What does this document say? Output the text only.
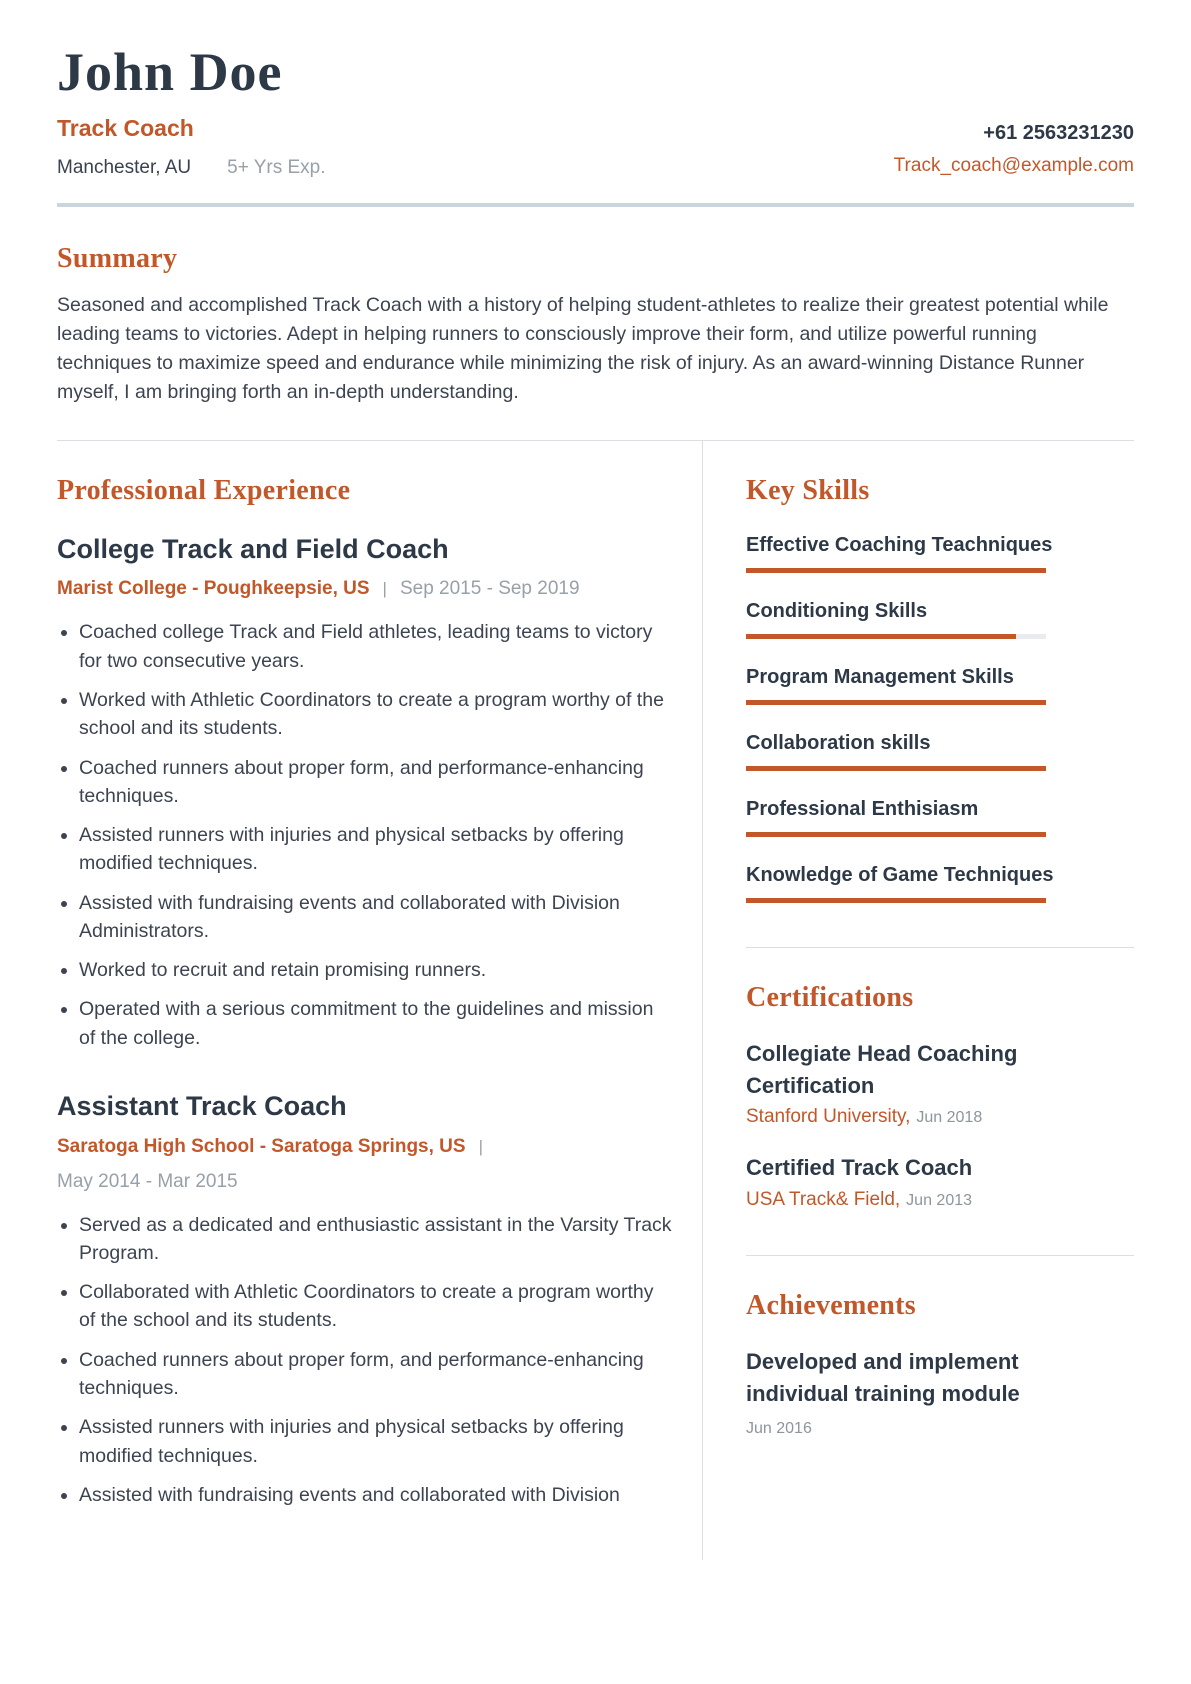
John Doe
Track Coach
Manchester, AU 5+ Yrs Exp.
+61 2563231230
Track_coach@example.com
Summary

Seasoned and accomplished Track Coach with a history of helping student-athletes to realize their greatest potential while leading teams to victories. Adept in helping runners to consciously improve their form, and utilize powerful running techniques to maximize speed and endurance while minimizing the risk of injury. As an award-winning Distance Runner myself, I am bringing forth an in-depth understanding.

Professional Experience
College Track and Field Coach
Marist College - Poughkeepsie, US | Sep 2015 - Sep 2019
• Coached college Track and Field athletes, leading teams to victory for two consecutive years.
• Worked with Athletic Coordinators to create a program worthy of the school and its students.
• Coached runners about proper form, and performance-enhancing techniques.
• Assisted runners with injuries and physical setbacks by offering modified techniques.
• Assisted with fundraising events and collaborated with Division Administrators.
• Worked to recruit and retain promising runners.
• Operated with a serious commitment to the guidelines and mission of the college.
Assistant Track Coach
Saratoga High School - Saratoga Springs, US |
May 2014 - Mar 2015
• Served as a dedicated and enthusiastic assistant in the Varsity Track Program.
• Collaborated with Athletic Coordinators to create a program worthy of the school and its students.
• Coached runners about proper form, and performance-enhancing techniques.
• Assisted runners with injuries and physical setbacks by offering modified techniques.
• Assisted with fundraising events and collaborated with Division
Key Skills
Effective Coaching Teachniques
Conditioning Skills
Program Management Skills
Collaboration skills
Professional Enthisiasm
Knowledge of Game Techniques
Certifications
Collegiate Head Coaching Certification
Stanford University, Jun 2018
Certified Track Coach
USA Track& Field, Jun 2013
Achievements
Developed and implement individual training module
Jun 2016
